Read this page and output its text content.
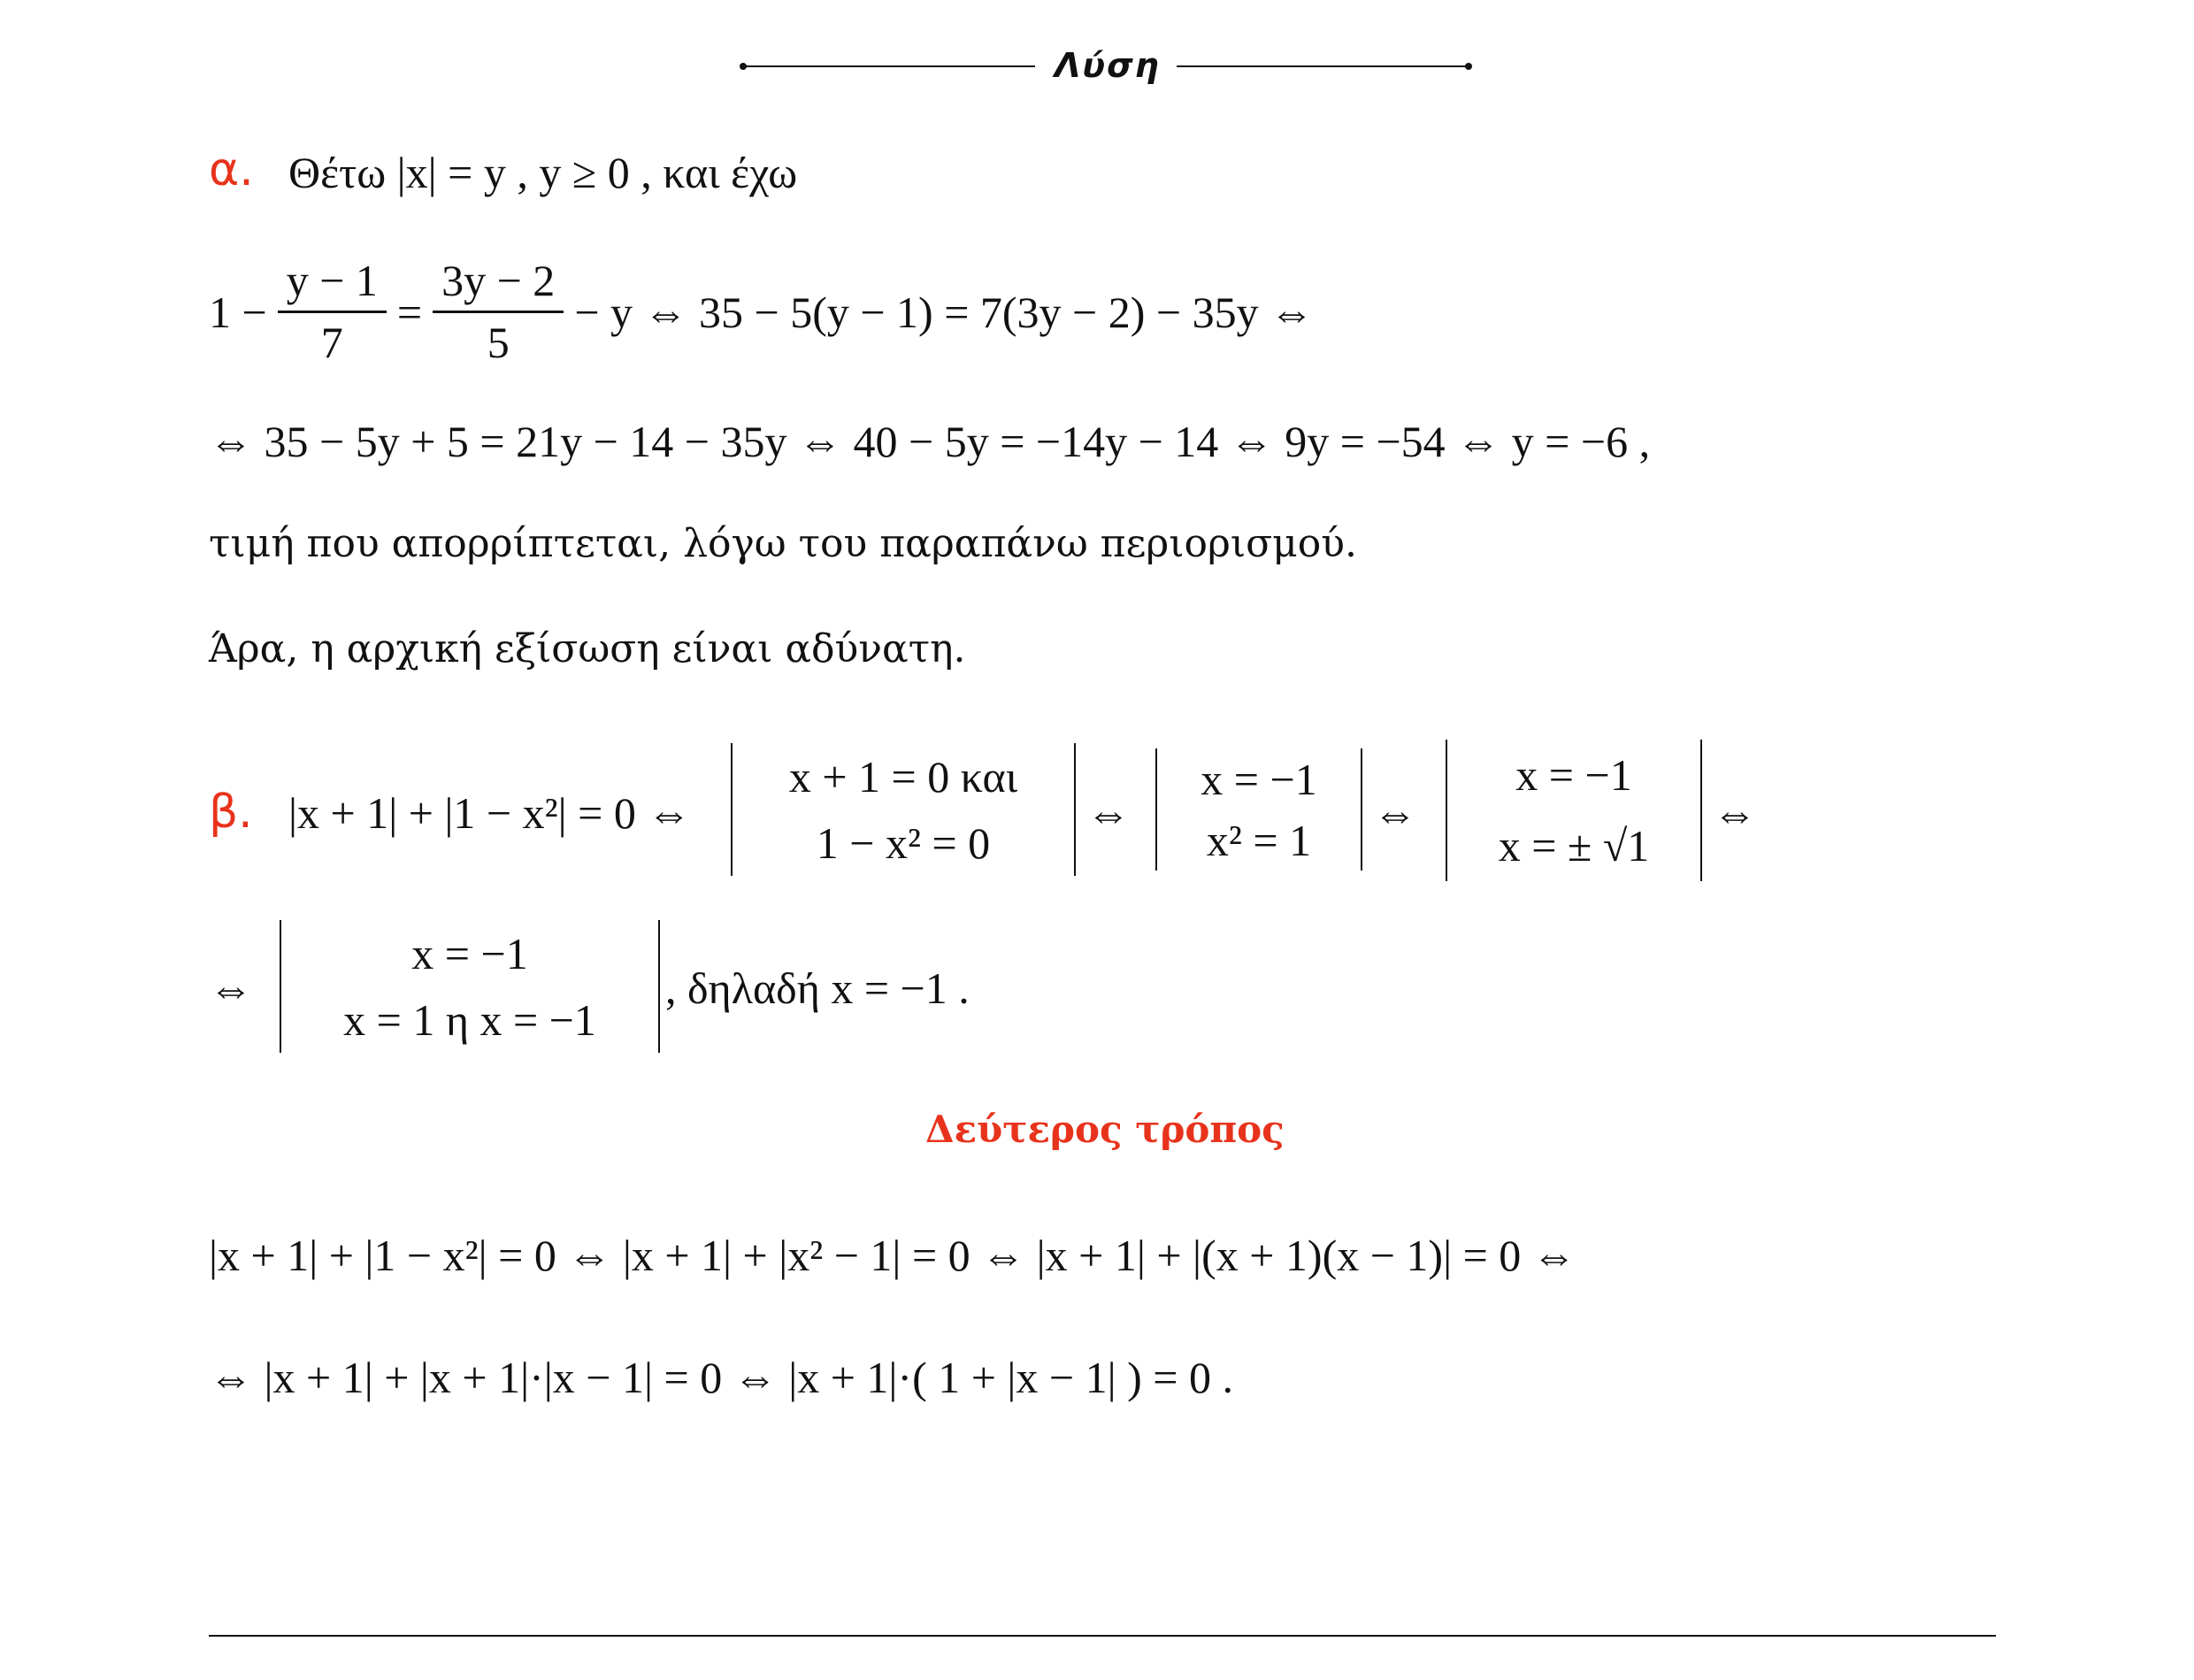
Λύση
α. Θέτω |x| = y , y ≥ 0 , και έχω
$1 - \frac{y - 1}{7} = \frac{3y - 2}{5} - y$ ⇔ 35 − 5(y − 1) = 7(3y − 2) − 35y ⇔
⇔ 35 − 5y + 5 = 21y − 14 − 35y ⇔ 40 − 5y = −14y − 14 ⇔ 9y = −54 ⇔ y = −6 ,
τιμή που απορρίπτεται, λόγω του παραπάνω περιορισμού.
Άρα, η αρχική εξίσωση είναι αδύνατη.
β. |x + 1| + |1 − x²| = 0 ⇔
x + 1 = 0 και
1 − x² = 0
⇔
x = −1
x² = 1
⇔
x = −1
x = ± √1
⇔
⇔
x = −1
x = 1 η x = −1
, δηλαδή x = −1 .
Δεύτερος τρόπος
|x + 1| + |1 − x²| = 0 ⇔ |x + 1| + |x² − 1| = 0 ⇔ |x + 1| + |(x + 1)(x − 1)| = 0 ⇔
⇔ |x + 1| + |x + 1|·|x − 1| = 0 ⇔ |x + 1|·( 1 + |x − 1| ) = 0 .
